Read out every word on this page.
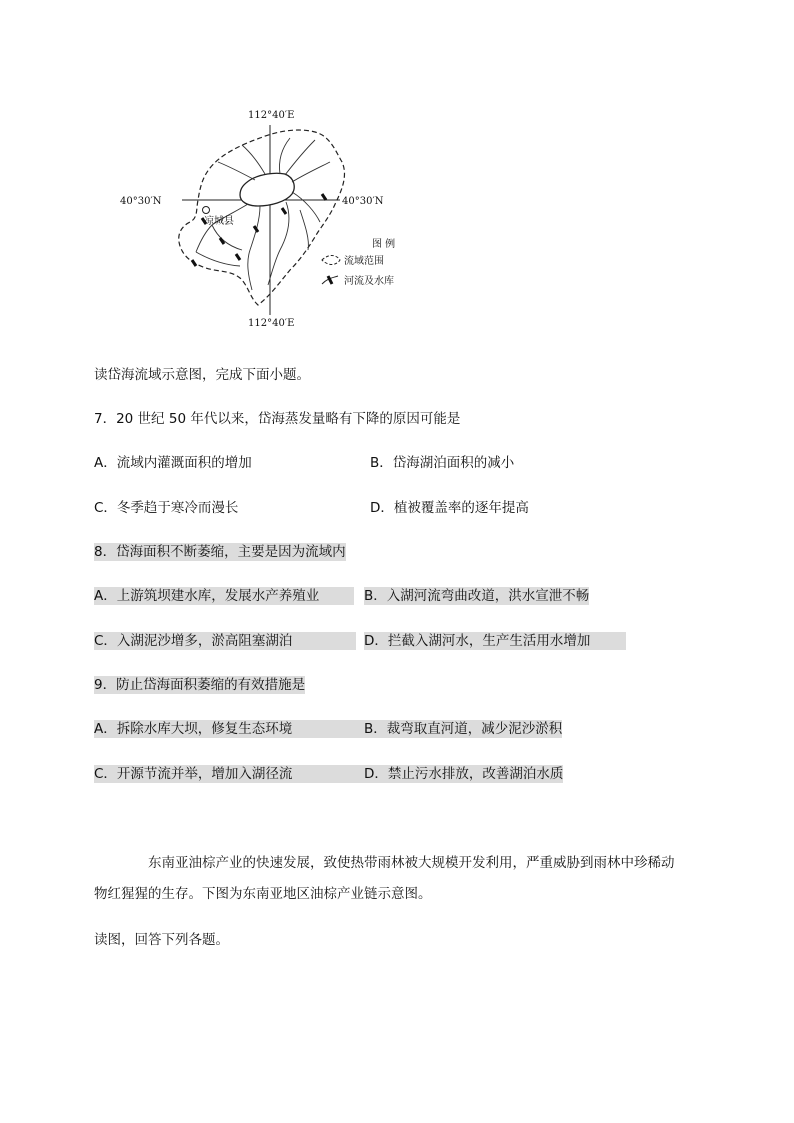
112°40′E
112°40′E
40°30′N	40°30′N
凉城县
图 例
流域范围
河流及水库
读岱海流域示意图，完成下面小题。
7．20 世纪 50 年代以来，岱海蒸发量略有下降的原因可能是
A．流域内灌溉面积的增加	B．岱海湖泊面积的减小
C．冬季趋于寒冷而漫长	D．植被覆盖率的逐年提高
8．岱海面积不断萎缩，主要是因为流域内
A．上游筑坝建水库，发展水产养殖业	B．入湖河流弯曲改道，洪水宣泄不畅
C．入湖泥沙增多，淤高阻塞湖泊	D．拦截入湖河水，生产生活用水增加
9．防止岱海面积萎缩的有效措施是
A．拆除水库大坝，修复生态环境	B．裁弯取直河道，减少泥沙淤积
C．开源节流并举，增加入湖径流	D．禁止污水排放，改善湖泊水质
东南亚油棕产业的快速发展，致使热带雨林被大规模开发利用，严重威胁到雨林中珍稀动
物红猩猩的生存。下图为东南亚地区油棕产业链示意图。
读图，回答下列各题。
